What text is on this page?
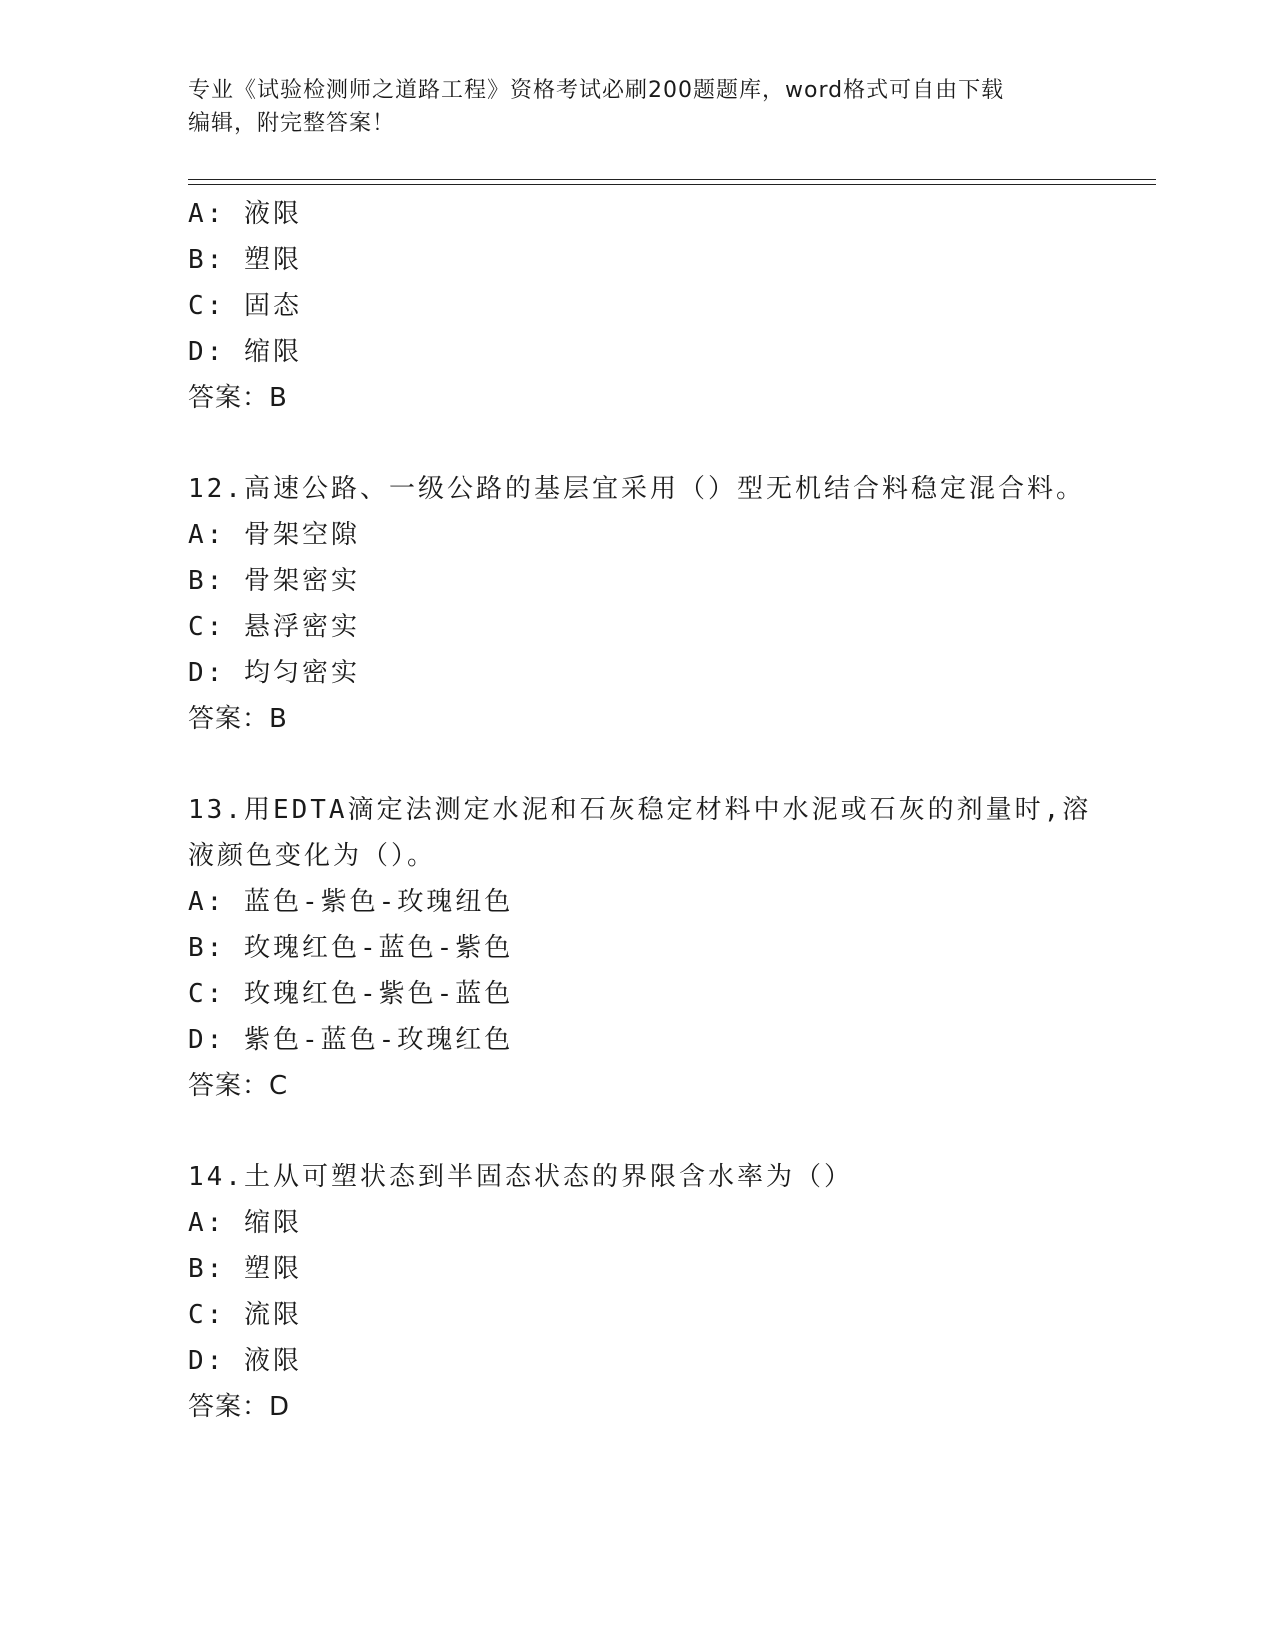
专业《试验检测师之道路工程》资格考试必刷200题题库，word格式可自由下载
编辑，附完整答案！
A: 液限
B: 塑限
C: 固态
D: 缩限
答案：B
12.高速公路、一级公路的基层宜采用（）型无机结合料稳定混合料。
A: 骨架空隙
B: 骨架密实
C: 悬浮密实
D: 均匀密实
答案：B
13.用EDTA滴定法测定水泥和石灰稳定材料中水泥或石灰的剂量时,溶
液颜色变化为（）。
A: 蓝色-紫色-玫瑰纽色
B: 玫瑰红色-蓝色-紫色
C: 玫瑰红色-紫色-蓝色
D: 紫色-蓝色-玫瑰红色
答案：C
14.土从可塑状态到半固态状态的界限含水率为（）
A: 缩限
B: 塑限
C: 流限
D: 液限
答案：D
